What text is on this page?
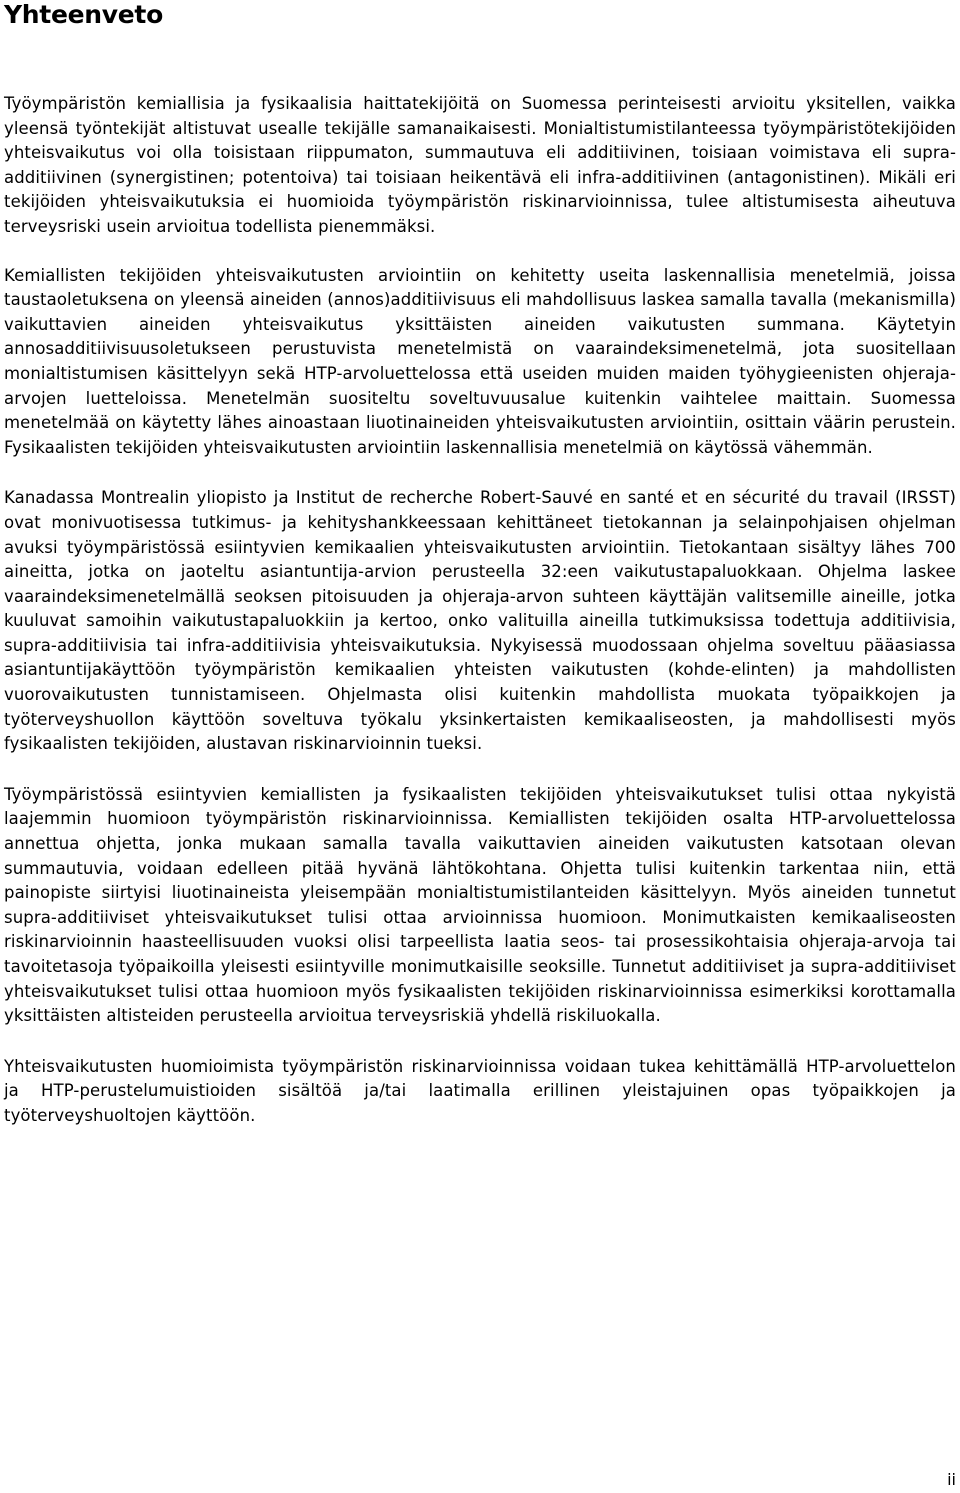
Yhteenveto

Työympäristön kemiallisia ja fysikaalisia haittatekijöitä on Suomessa perinteisesti arvioitu yksitellen, vaikka yleensä työntekijät altistuvat usealle tekijälle samanaikaisesti. Monialtistumistilanteessa työympäristötekijöiden yhteisvaikutus voi olla toisistaan riippumaton, summautuva eli additiivinen, toisiaan voimistava eli supra-additiivinen (synergistinen; potentoiva) tai toisiaan heikentävä eli infra-additiivinen (antagonistinen). Mikäli eri tekijöiden yhteisvaikutuksia ei huomioida työympäristön riskinarvioinnissa, tulee altistumisesta aiheutuva terveysriski usein arvioitua todellista pienemmäksi.

Kemiallisten tekijöiden yhteisvaikutusten arviointiin on kehitetty useita laskennallisia menetelmiä, joissa taustaoletuksena on yleensä aineiden (annos)additiivisuus eli mahdollisuus laskea samalla tavalla (mekanismilla) vaikuttavien aineiden yhteisvaikutus yksittäisten aineiden vaikutusten summana. Käytetyin annosadditiivisuusoletukseen perustuvista menetelmistä on vaaraindeksimenetelmä, jota suositellaan monialtistumisen käsittelyyn sekä HTP-arvoluettelossa että useiden muiden maiden työhygieenisten ohjeraja-arvojen luetteloissa. Menetelmän suositeltu soveltuvuusalue kuitenkin vaihtelee maittain. Suomessa menetelmää on käytetty lähes ainoastaan liuotinaineiden yhteisvaikutusten arviointiin, osittain väärin perustein. Fysikaalisten tekijöiden yhteisvaikutusten arviointiin laskennallisia menetelmiä on käytössä vähemmän.

Kanadassa Montrealin yliopisto ja Institut de recherche Robert-Sauvé en santé et en sécurité du travail (IRSST) ovat monivuotisessa tutkimus- ja kehityshankkeessaan kehittäneet tietokannan ja selainpohjaisen ohjelman avuksi työympäristössä esiintyvien kemikaalien yhteisvaikutusten arviointiin. Tietokantaan sisältyy lähes 700 aineitta, jotka on jaoteltu asiantuntija-arvion perusteella 32:een vaikutustapaluokkaan. Ohjelma laskee vaaraindeksimenetelmällä seoksen pitoisuuden ja ohjeraja-arvon suhteen käyttäjän valitsemille aineille, jotka kuuluvat samoihin vaikutustapaluokkiin ja kertoo, onko valituilla aineilla tutkimuksissa todettuja additiivisia, supra-additiivisia tai infra-additiivisia yhteisvaikutuksia. Nykyisessä muodossaan ohjelma soveltuu pääasiassa asiantuntijakäyttöön työympäristön kemikaalien yhteisten vaikutusten (kohde-elinten) ja mahdollisten vuorovaikutusten tunnistamiseen. Ohjelmasta olisi kuitenkin mahdollista muokata työpaikkojen ja työterveyshuollon käyttöön soveltuva työkalu yksinkertaisten kemikaaliseosten, ja mahdollisesti myös fysikaalisten tekijöiden, alustavan riskinarvioinnin tueksi.

Työympäristössä esiintyvien kemiallisten ja fysikaalisten tekijöiden yhteisvaikutukset tulisi ottaa nykyistä laajemmin huomioon työympäristön riskinarvioinnissa. Kemiallisten tekijöiden osalta HTP-arvoluettelossa annettua ohjetta, jonka mukaan samalla tavalla vaikuttavien aineiden vaikutusten katsotaan olevan summautuvia, voidaan edelleen pitää hyvänä lähtökohtana. Ohjetta tulisi kuitenkin tarkentaa niin, että painopiste siirtyisi liuotinaineista yleisempään monialtistumistilanteiden käsittelyyn. Myös aineiden tunnetut supra-additiiviset yhteisvaikutukset tulisi ottaa arvioinnissa huomioon. Monimutkaisten kemikaaliseosten riskinarvioinnin haasteellisuuden vuoksi olisi tarpeellista laatia seos- tai prosessikohtaisia ohjeraja-arvoja tai tavoitetasoja työpaikoilla yleisesti esiintyville monimutkaisille seoksille. Tunnetut additiiviset ja supra-additiiviset yhteisvaikutukset tulisi ottaa huomioon myös fysikaalisten tekijöiden riskinarvioinnissa esimerkiksi korottamalla yksittäisten altisteiden perusteella arvioitua terveysriskiä yhdellä riskiluokalla.

Yhteisvaikutusten huomioimista työympäristön riskinarvioinnissa voidaan tukea kehittämällä HTP-arvoluettelon ja HTP-perustelumuistioiden sisältöä ja/tai laatimalla erillinen yleistajuinen opas työpaikkojen ja työterveyshuoltojen käyttöön.

ii
